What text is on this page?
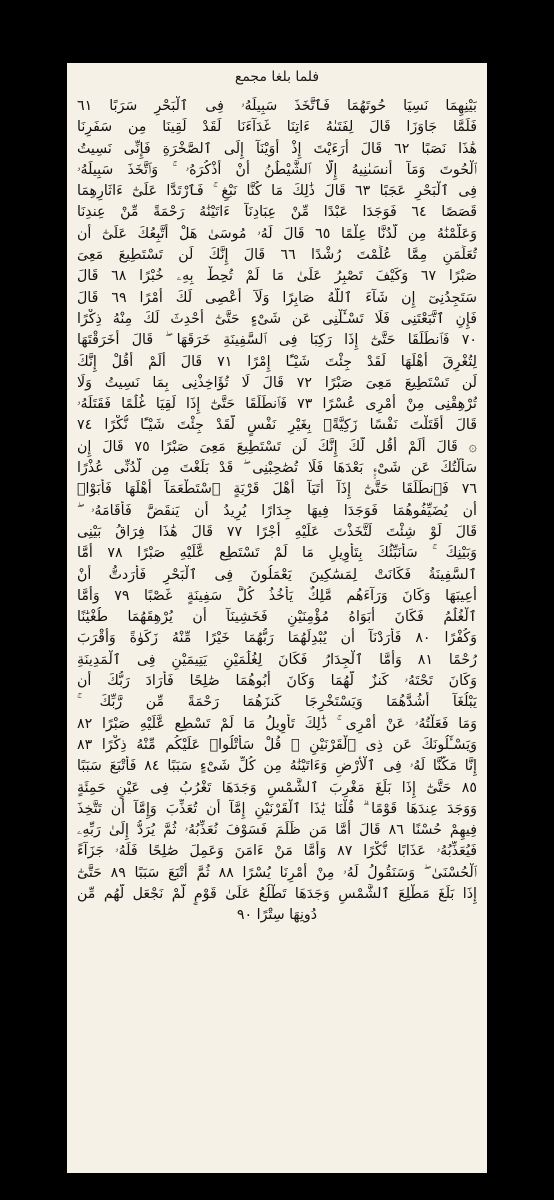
فلما بلغا مجمع
بَيْنِهِمَا نَسِيَا حُوتَهُمَا فَٱتَّخَذَ سَبِيلَهُۥ فِى ٱلْبَحْرِ سَرَبًا ٦١
فَلَمَّا جَاوَزَا قَالَ لِفَتَىٰهُ ءَاتِنَا غَدَآءَنَا لَقَدْ لَقِينَا مِن سَفَرِنَا
هَٰذَا نَصَبًا ٦٢ قَالَ أَرَءَيْتَ إِذْ أَوَيْنَآ إِلَى ٱلصَّخْرَةِ فَإِنِّى نَسِيتُ
ٱلْحُوتَ وَمَآ أَنسَىٰنِيهُ إِلَّا ٱلشَّيْطَٰنُ أَنْ أَذْكُرَهُۥ ۚ وَٱتَّخَذَ سَبِيلَهُۥ
فِى ٱلْبَحْرِ عَجَبًا ٦٣ قَالَ ذَٰلِكَ مَا كُنَّا نَبْغِ ۚ فَٱرْتَدَّا عَلَىٰٓ ءَاثَارِهِمَا
قَصَصًا ٦٤ فَوَجَدَا عَبْدًا مِّنْ عِبَادِنَآ ءَاتَيْنَٰهُ رَحْمَةً مِّنْ عِندِنَا
وَعَلَّمْنَٰهُ مِن لَّدُنَّا عِلْمًا ٦٥ قَالَ لَهُۥ مُوسَىٰ هَلْ أَتَّبِعُكَ عَلَىٰٓ أَن
تُعَلِّمَنِ مِمَّا عُلِّمْتَ رُشْدًا ٦٦ قَالَ إِنَّكَ لَن تَسْتَطِيعَ مَعِىَ
صَبْرًا ٦٧ وَكَيْفَ تَصْبِرُ عَلَىٰ مَا لَمْ تُحِطْ بِهِۦ خُبْرًا ٦٨ قَالَ
سَتَجِدُنِىٓ إِن شَآءَ ٱللَّهُ صَابِرًا وَلَآ أَعْصِى لَكَ أَمْرًا ٦٩ قَالَ
فَإِنِ ٱتَّبَعْتَنِى فَلَا تَسْـَٔلْنِى عَن شَىْءٍ حَتَّىٰٓ أُحْدِثَ لَكَ مِنْهُ ذِكْرًا
٧٠ فَٱنطَلَقَا حَتَّىٰٓ إِذَا رَكِبَا فِى ٱلسَّفِينَةِ خَرَقَهَا ۖ قَالَ أَخَرَقْتَهَا
لِتُغْرِقَ أَهْلَهَا لَقَدْ جِئْتَ شَيْـًٔا إِمْرًا ٧١ قَالَ أَلَمْ أَقُلْ إِنَّكَ
لَن تَسْتَطِيعَ مَعِىَ صَبْرًا ٧٢ قَالَ لَا تُؤَاخِذْنِى بِمَا نَسِيتُ وَلَا
تُرْهِقْنِى مِنْ أَمْرِى عُسْرًا ٧٣ فَٱنطَلَقَا حَتَّىٰٓ إِذَا لَقِيَا غُلَٰمًا فَقَتَلَهُۥ
قَالَ أَقَتَلْتَ نَفْسًا زَكِيَّةًۢ بِغَيْرِ نَفْسٍ لَّقَدْ جِئْتَ شَيْـًٔا نُّكْرًا ٧٤
۞ قَالَ أَلَمْ أَقُل لَّكَ إِنَّكَ لَن تَسْتَطِيعَ مَعِىَ صَبْرًا ٧٥ قَالَ إِن
سَأَلْتُكَ عَن شَىْءٍۭ بَعْدَهَا فَلَا تُصَٰحِبْنِى ۖ قَدْ بَلَغْتَ مِن لَّدُنِّى عُذْرًا
٧٦ فَٱنطَلَقَا حَتَّىٰٓ إِذَآ أَتَيَآ أَهْلَ قَرْيَةٍ ٱسْتَطْعَمَآ أَهْلَهَا فَأَبَوْا۟
أَن يُضَيِّفُوهُمَا فَوَجَدَا فِيهَا جِدَارًا يُرِيدُ أَن يَنقَضَّ فَأَقَامَهُۥ ۖ
قَالَ لَوْ شِئْتَ لَتَّخَذْتَ عَلَيْهِ أَجْرًا ٧٧ قَالَ هَٰذَا فِرَاقُ بَيْنِى
وَبَيْنِكَ ۚ سَأُنَبِّئُكَ بِتَأْوِيلِ مَا لَمْ تَسْتَطِع عَّلَيْهِ صَبْرًا ٧٨ أَمَّا
ٱلسَّفِينَةُ فَكَانَتْ لِمَسَٰكِينَ يَعْمَلُونَ فِى ٱلْبَحْرِ فَأَرَدتُّ أَنْ
أَعِيبَهَا وَكَانَ وَرَآءَهُم مَّلِكٌ يَأْخُذُ كُلَّ سَفِينَةٍ غَصْبًا ٧٩ وَأَمَّا
ٱلْغُلَٰمُ فَكَانَ أَبَوَاهُ مُؤْمِنَيْنِ فَخَشِينَآ أَن يُرْهِقَهُمَا طُغْيَٰنًا
وَكُفْرًا ٨٠ فَأَرَدْنَآ أَن يُبْدِلَهُمَا رَبُّهُمَا خَيْرًا مِّنْهُ زَكَوٰةً وَأَقْرَبَ
رُحْمًا ٨١ وَأَمَّا ٱلْجِدَارُ فَكَانَ لِغُلَٰمَيْنِ يَتِيمَيْنِ فِى ٱلْمَدِينَةِ
وَكَانَ تَحْتَهُۥ كَنزٌ لَّهُمَا وَكَانَ أَبُوهُمَا صَٰلِحًا فَأَرَادَ رَبُّكَ أَن
يَبْلُغَآ أَشُدَّهُمَا وَيَسْتَخْرِجَا كَنزَهُمَا رَحْمَةً مِّن رَّبِّكَ ۚ
وَمَا فَعَلْتُهُۥ عَنْ أَمْرِى ۚ ذَٰلِكَ تَأْوِيلُ مَا لَمْ تَسْطِع عَّلَيْهِ صَبْرًا ٨٢
وَيَسْـَٔلُونَكَ عَن ذِى ٱلْقَرْنَيْنِ ۖ قُلْ سَأَتْلُوا۟ عَلَيْكُم مِّنْهُ ذِكْرًا ٨٣
إِنَّا مَكَّنَّا لَهُۥ فِى ٱلْأَرْضِ وَءَاتَيْنَٰهُ مِن كُلِّ شَىْءٍ سَبَبًا ٨٤ فَأَتْبَعَ سَبَبًا
٨٥ حَتَّىٰٓ إِذَا بَلَغَ مَغْرِبَ ٱلشَّمْسِ وَجَدَهَا تَغْرُبُ فِى عَيْنٍ حَمِئَةٍ
وَوَجَدَ عِندَهَا قَوْمًا ۗ قُلْنَا يَٰذَا ٱلْقَرْنَيْنِ إِمَّآ أَن تُعَذِّبَ وَإِمَّآ أَن تَتَّخِذَ
فِيهِمْ حُسْنًا ٨٦ قَالَ أَمَّا مَن ظَلَمَ فَسَوْفَ نُعَذِّبُهُۥ ثُمَّ يُرَدُّ إِلَىٰ رَبِّهِۦ
فَيُعَذِّبُهُۥ عَذَابًا نُّكْرًا ٨٧ وَأَمَّا مَنْ ءَامَنَ وَعَمِلَ صَٰلِحًا فَلَهُۥ جَزَآءً
ٱلْحُسْنَىٰ ۖ وَسَنَقُولُ لَهُۥ مِنْ أَمْرِنَا يُسْرًا ٨٨ ثُمَّ أَتْبَعَ سَبَبًا ٨٩ حَتَّىٰٓ
إِذَا بَلَغَ مَطْلِعَ ٱلشَّمْسِ وَجَدَهَا تَطْلُعُ عَلَىٰ قَوْمٍ لَّمْ نَجْعَل لَّهُم مِّن
دُونِهَا سِتْرًا ٩٠
